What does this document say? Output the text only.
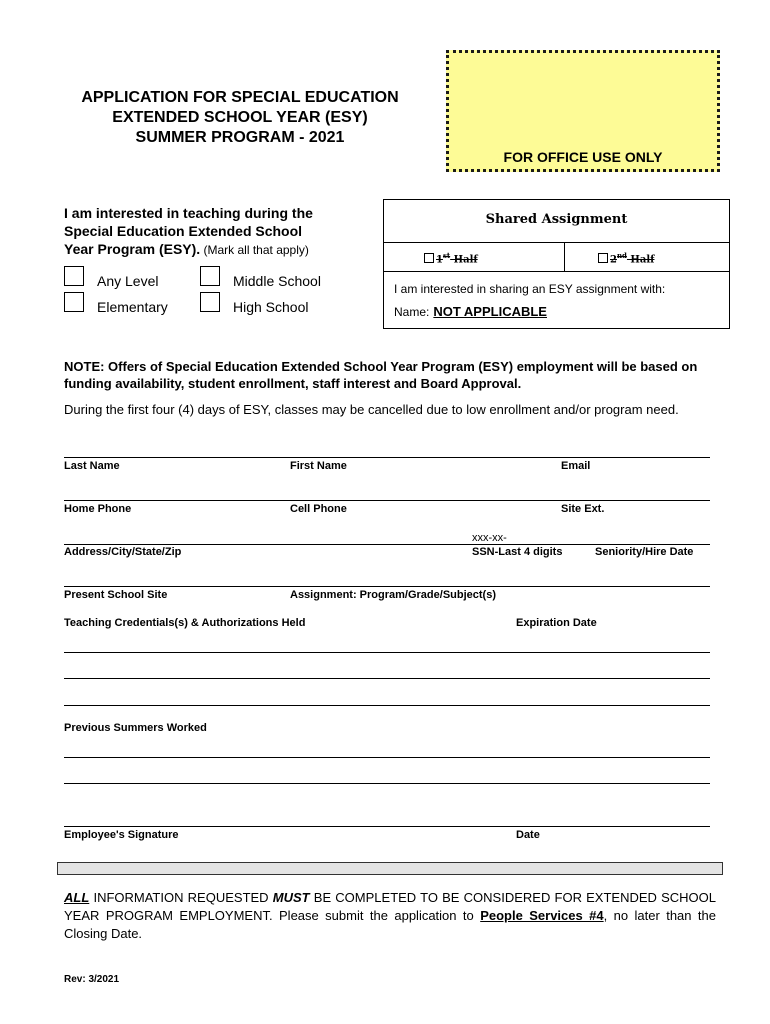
APPLICATION FOR SPECIAL EDUCATION
EXTENDED SCHOOL YEAR (ESY)
SUMMER PROGRAM - 2021
FOR OFFICE USE ONLY
I am interested in teaching during the
Special Education Extended School
Year Program (ESY). (Mark all that apply)
Any Level	Middle School
Elementary	High School
Shared Assignment
1st Half	2nd Half
I am interested in sharing an ESY assignment with:
Name: NOT APPLICABLE
NOTE: Offers of Special Education Extended School Year Program (ESY) employment will be based on funding availability, student enrollment, staff interest and Board Approval.
During the first four (4) days of ESY, classes may be cancelled due to low enrollment and/or program need.
Last Name	First Name	Email
Home Phone	Cell Phone	Site Ext.
xxx-xx-
Address/City/State/Zip	SSN-Last 4 digits	Seniority/Hire Date
Present School Site	Assignment: Program/Grade/Subject(s)
Teaching Credentials(s) & Authorizations Held	Expiration Date
Previous Summers Worked
Employee's Signature	Date
ALL INFORMATION REQUESTED MUST BE COMPLETED TO BE CONSIDERED FOR EXTENDED SCHOOL YEAR PROGRAM EMPLOYMENT. Please submit the application to People Services #4, no later than the Closing Date.
Rev: 3/2021
